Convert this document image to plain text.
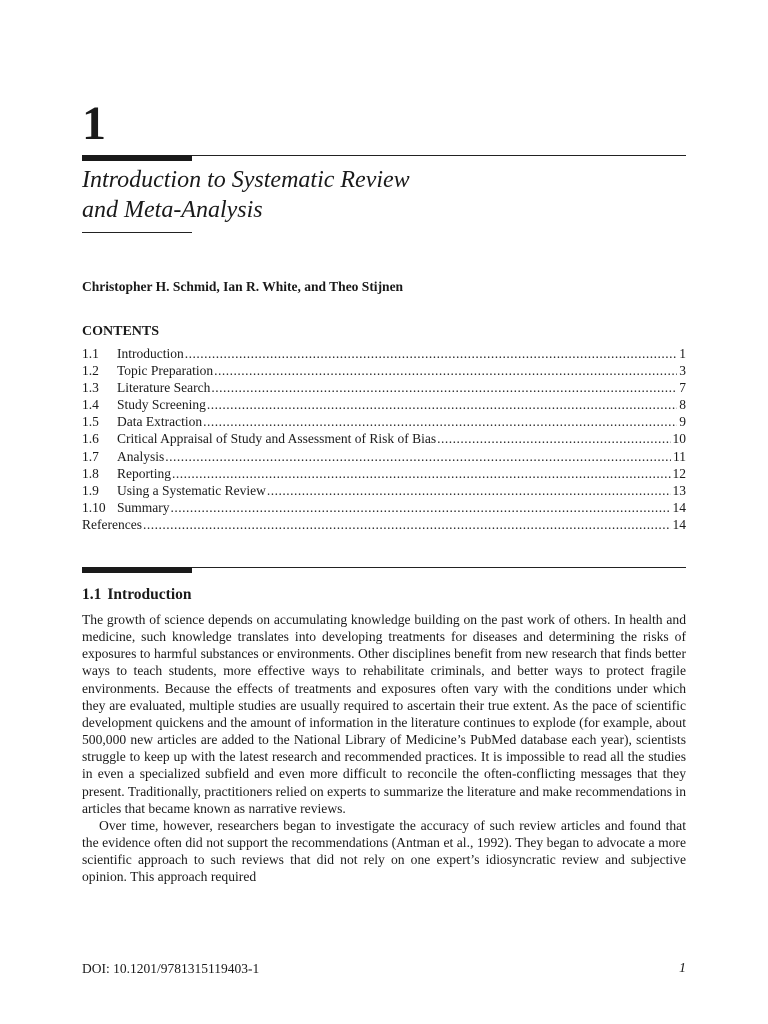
1
Introduction to Systematic Review
and Meta-Analysis

Christopher H. Schmid, Ian R. White, and Theo Stijnen

CONTENTS
1.1	Introduction .....	1
1.2	Topic Preparation .....	3
1.3	Literature Search .....	7
1.4	Study Screening .....	8
1.5	Data Extraction .....	9
1.6	Critical Appraisal of Study and Assessment of Risk of Bias .....	10
1.7	Analysis .....	11
1.8	Reporting .....	12
1.9	Using a Systematic Review .....	13
1.10 Summary .....	14
References .....	14
1.1 Introduction

The growth of science depends on accumulating knowledge building on the past work of others. In health and medicine, such knowledge translates into developing treatments for diseases and determining the risks of exposures to harmful substances or environments. Other disciplines benefit from new research that finds better ways to teach students, more effective ways to rehabilitate criminals, and better ways to protect fragile environments. Because the effects of treatments and exposures often vary with the conditions under which they are evaluated, multiple studies are usually required to ascertain their true extent. As the pace of scientific development quickens and the amount of information in the literature continues to explode (for example, about 500,000 new articles are added to the National Library of Medicine’s PubMed database each year), scientists struggle to keep up with the latest research and recommended practices. It is impossible to read all the studies in even a specialized subfield and even more difficult to reconcile the often-conflicting messages that they present. Traditionally, practitioners relied on experts to summarize the literature and make recommendations in articles that became known as narrative reviews.

Over time, however, researchers began to investigate the accuracy of such review articles and found that the evidence often did not support the recommendations (Antman et al., 1992). They began to advocate a more scientific approach to such reviews that did not rely on one expert’s idiosyncratic review and subjective opinion. This approach required

DOI: 10.1201/9781315119403-1	1
